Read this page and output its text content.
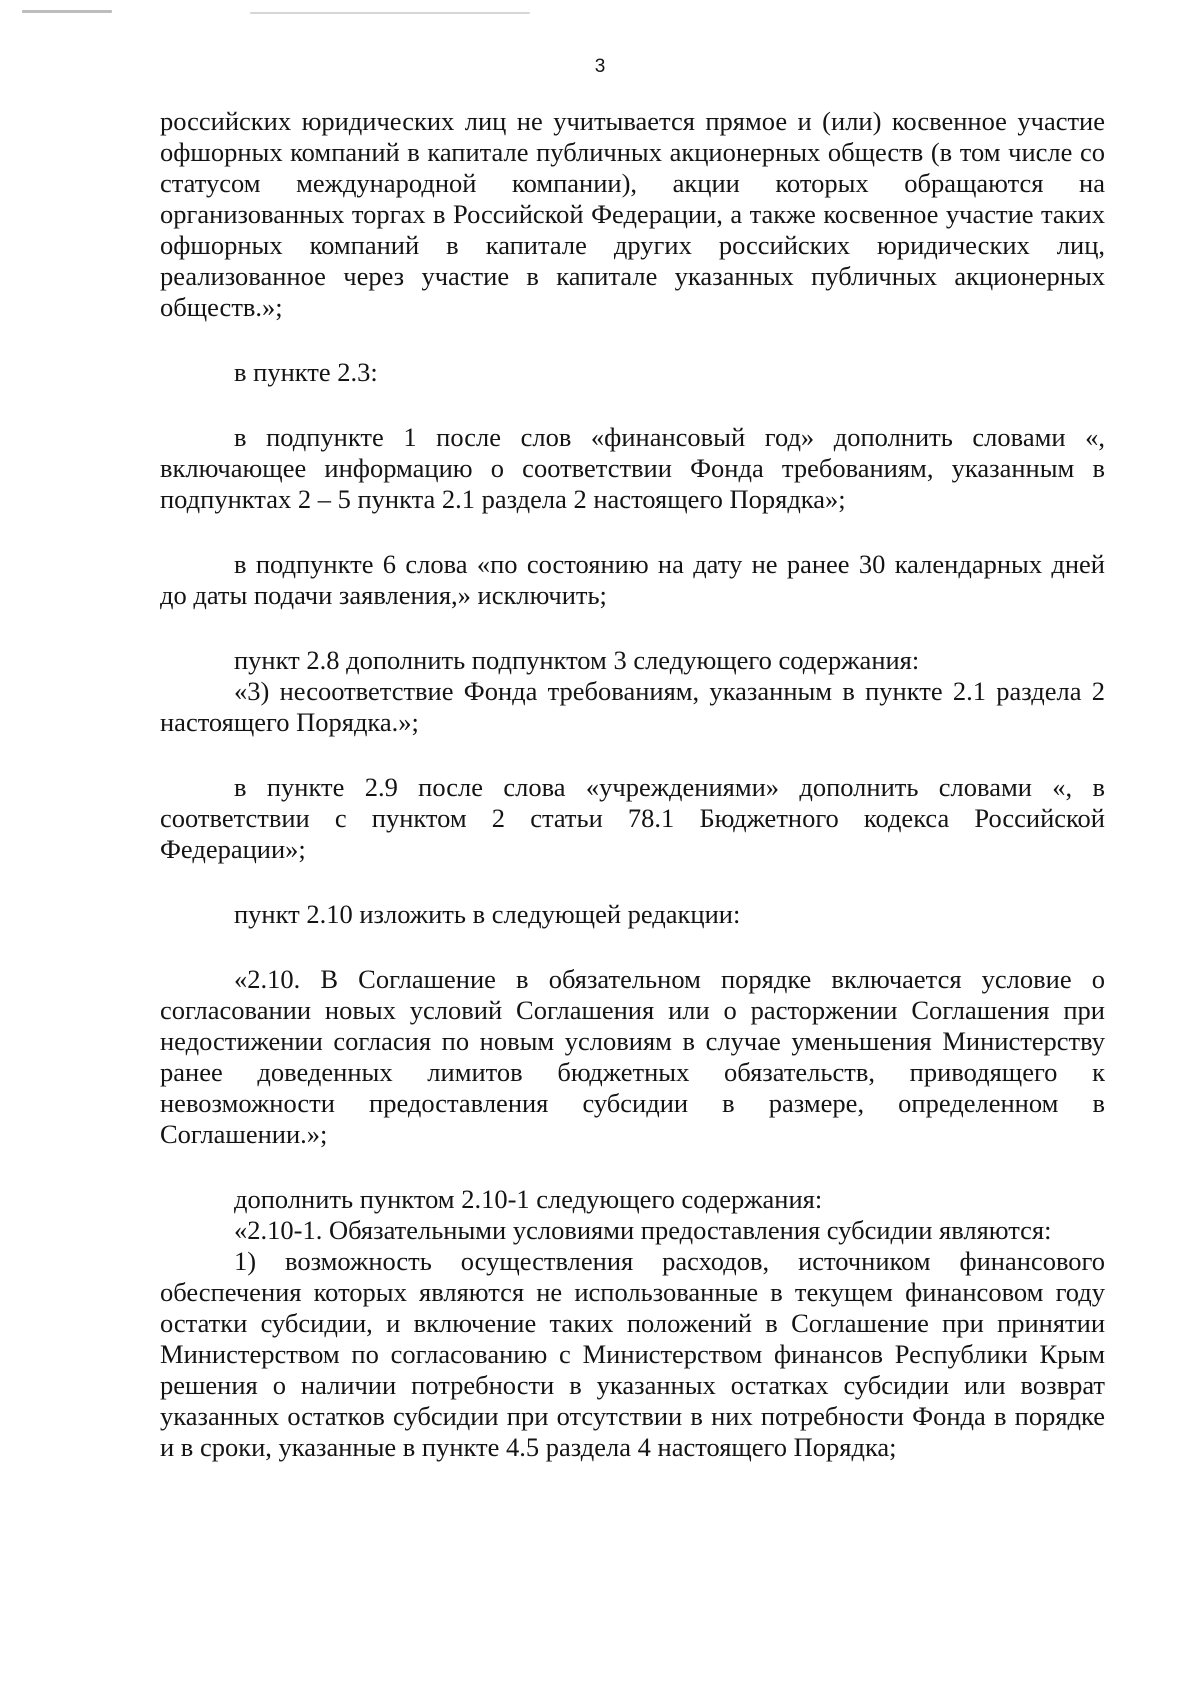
3

российских юридических лиц не учитывается прямое и (или) косвенное участие офшорных компаний в капитале публичных акционерных обществ (в том числе со статусом международной компании), акции которых обращаются на организованных торгах в Российской Федерации, а также косвенное участие таких офшорных компаний в капитале других российских юридических лиц, реализованное через участие в капитале указанных публичных акционерных обществ.»;

в пункте 2.3:

в подпункте 1 после слов «финансовый год» дополнить словами «, включающее информацию о соответствии Фонда требованиям, указанным в подпунктах 2 – 5 пункта 2.1 раздела 2 настоящего Порядка»;

в подпункте 6 слова «по состоянию на дату не ранее 30 календарных дней до даты подачи заявления,» исключить;

пункт 2.8 дополнить подпунктом 3 следующего содержания:

«3) несоответствие Фонда требованиям, указанным в пункте 2.1 раздела 2 настоящего Порядка.»;

в пункте 2.9 после слова «учреждениями» дополнить словами «, в соответствии с пунктом 2 статьи 78.1 Бюджетного кодекса Российской Федерации»;

пункт 2.10 изложить в следующей редакции:

«2.10. В Соглашение в обязательном порядке включается условие о согласовании новых условий Соглашения или о расторжении Соглашения при недостижении согласия по новым условиям в случае уменьшения Министерству ранее доведенных лимитов бюджетных обязательств, приводящего к невозможности предоставления субсидии в размере, определенном в Соглашении.»;

дополнить пунктом 2.10-1 следующего содержания:

«2.10-1. Обязательными условиями предоставления субсидии являются:

1) возможность осуществления расходов, источником финансового обеспечения которых являются не использованные в текущем финансовом году остатки субсидии, и включение таких положений в Соглашение при принятии Министерством по согласованию с Министерством финансов Республики Крым решения о наличии потребности в указанных остатках субсидии или возврат указанных остатков субсидии при отсутствии в них потребности Фонда в порядке и в сроки, указанные в пункте 4.5 раздела 4 настоящего Порядка;
